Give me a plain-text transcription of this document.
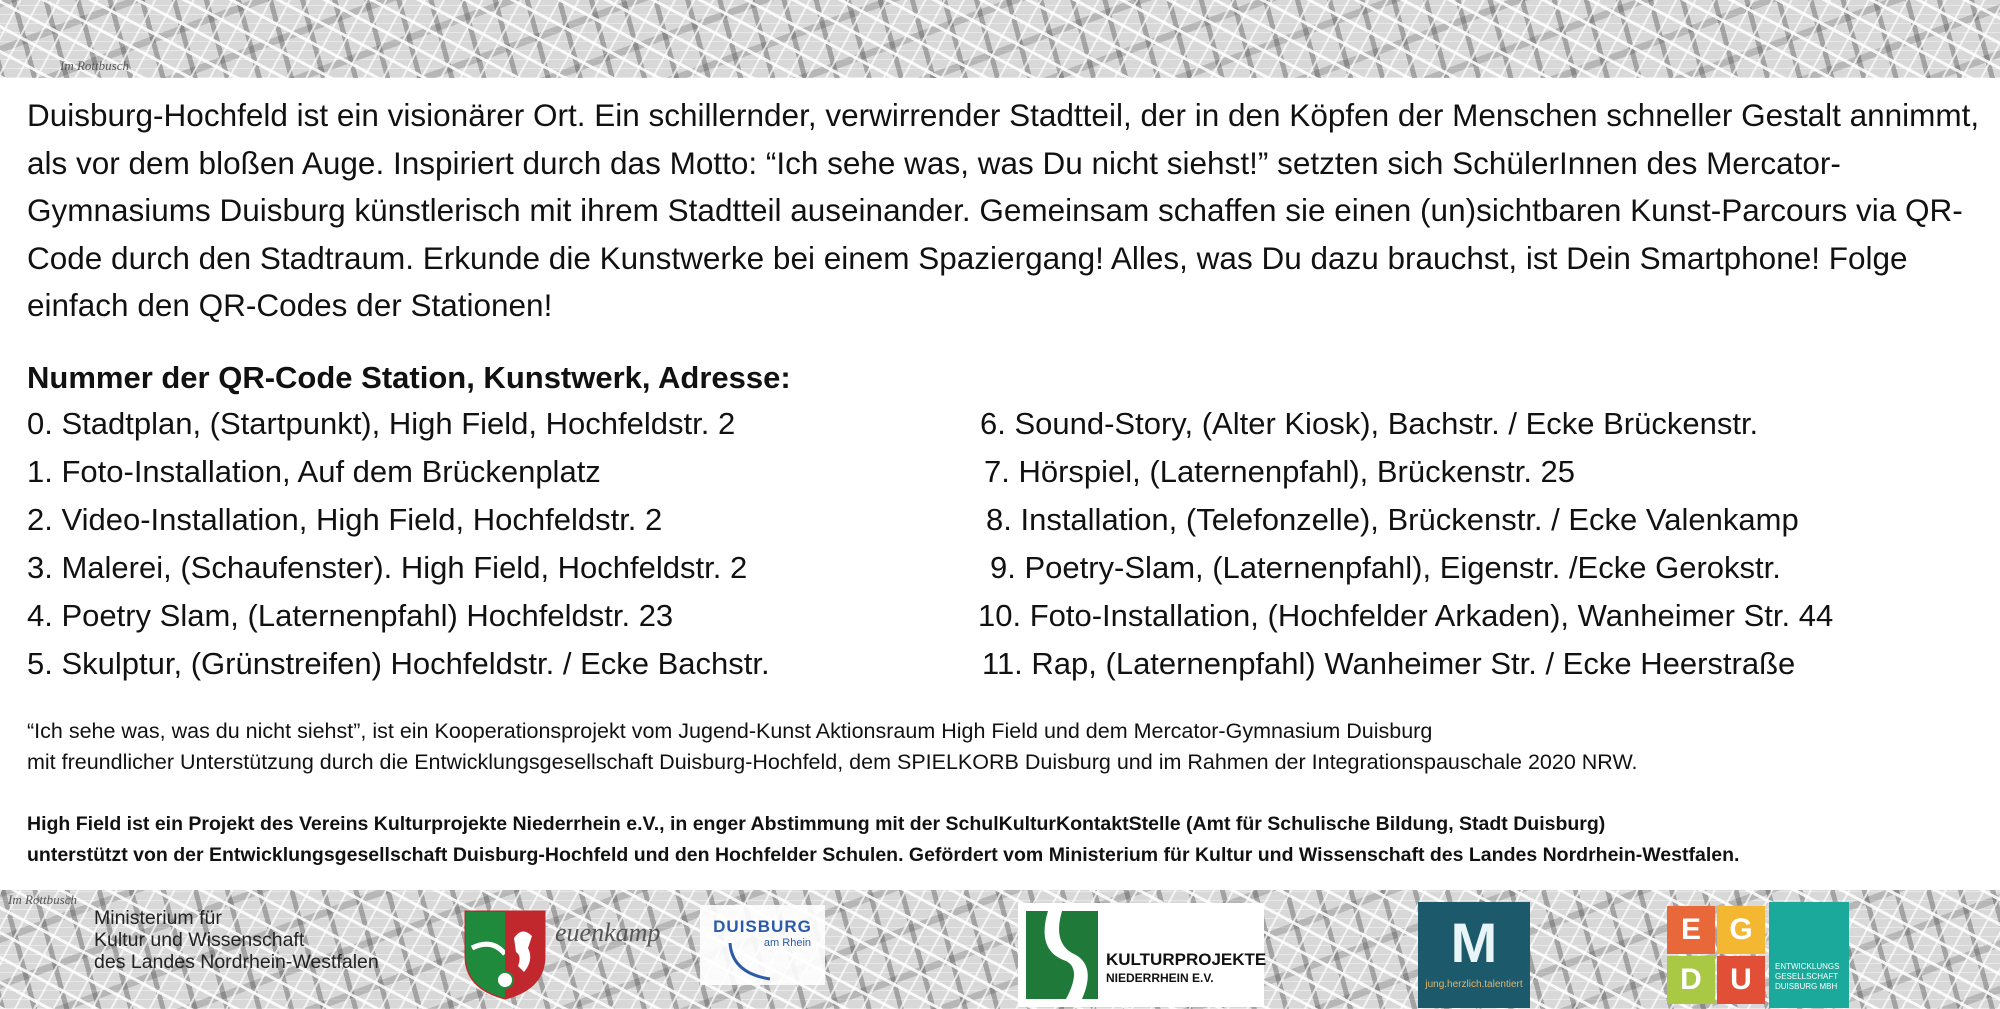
Im Rottbusch

Duisburg-Hochfeld ist ein visionärer Ort. Ein schillernder, verwirrender Stadtteil, der in den Köpfen der Menschen schneller Gestalt annimmt, als vor dem bloßen Auge. Inspiriert durch das Motto: “Ich sehe was, was Du nicht siehst!” setzten sich SchülerInnen des Mercator-Gymnasiums Duisburg künstlerisch mit ihrem Stadtteil auseinander. Gemeinsam schaffen sie einen (un)sichtbaren Kunst-Parcours via QR-Code durch den Stadtraum. Erkunde die Kunstwerke bei einem Spaziergang! Alles, was Du dazu brauchst, ist Dein Smartphone! Folge einfach den QR-Codes der Stationen!

Nummer der QR-Code Station, Kunstwerk, Adresse:
0. Stadtplan, (Startpunkt), High Field, Hochfeldstr. 2
1. Foto-Installation, Auf dem Brückenplatz
2. Video-Installation, High Field, Hochfeldstr. 2
3. Malerei, (Schaufenster). High Field, Hochfeldstr. 2
4. Poetry Slam, (Laternenpfahl) Hochfeldstr. 23
5. Skulptur, (Grünstreifen) Hochfeldstr. / Ecke Bachstr.
6. Sound-Story, (Alter Kiosk), Bachstr. / Ecke Brückenstr.
7. Hörspiel, (Laternenpfahl), Brückenstr. 25
8. Installation, (Telefonzelle), Brückenstr. / Ecke Valenkamp
9. Poetry-Slam, (Laternenpfahl), Eigenstr. /Ecke Gerokstr.
10. Foto-Installation, (Hochfelder Arkaden), Wanheimer Str. 44
11. Rap, (Laternenpfahl) Wanheimer Str. / Ecke Heerstraße

“Ich sehe was, was du nicht siehst”, ist ein Kooperationsprojekt vom Jugend-Kunst Aktionsraum High Field und dem Mercator-Gymnasium Duisburg

mit freundlicher Unterstützung durch die Entwicklungsgesellschaft Duisburg-Hochfeld, dem SPIELKORB Duisburg und im Rahmen der Integrationspauschale 2020 NRW.

High Field ist ein Projekt des Vereins Kulturprojekte Niederrhein e.V., in enger Abstimmung mit der SchulKulturKontaktStelle (Amt für Schulische Bildung, Stadt Duisburg)

unterstützt von der Entwicklungsgesellschaft Duisburg-Hochfeld und den Hochfelder Schulen. Gefördert vom Ministerium für Kultur und Wissenschaft des Landes Nordrhein-Westfalen.

Im Rottbusch
euenkamp
Ministerium für
Kultur und Wissenschaft
des Landes Nordrhein-Westfalen
DUISBURG
am Rhein
KULTURPROJEKTE
NIEDERRHEIN E.V.
M
jung.herzlich.talentiert
E G
D U	ENTWICKLUNGS GESELLSCHAFT DUISBURG MBH
